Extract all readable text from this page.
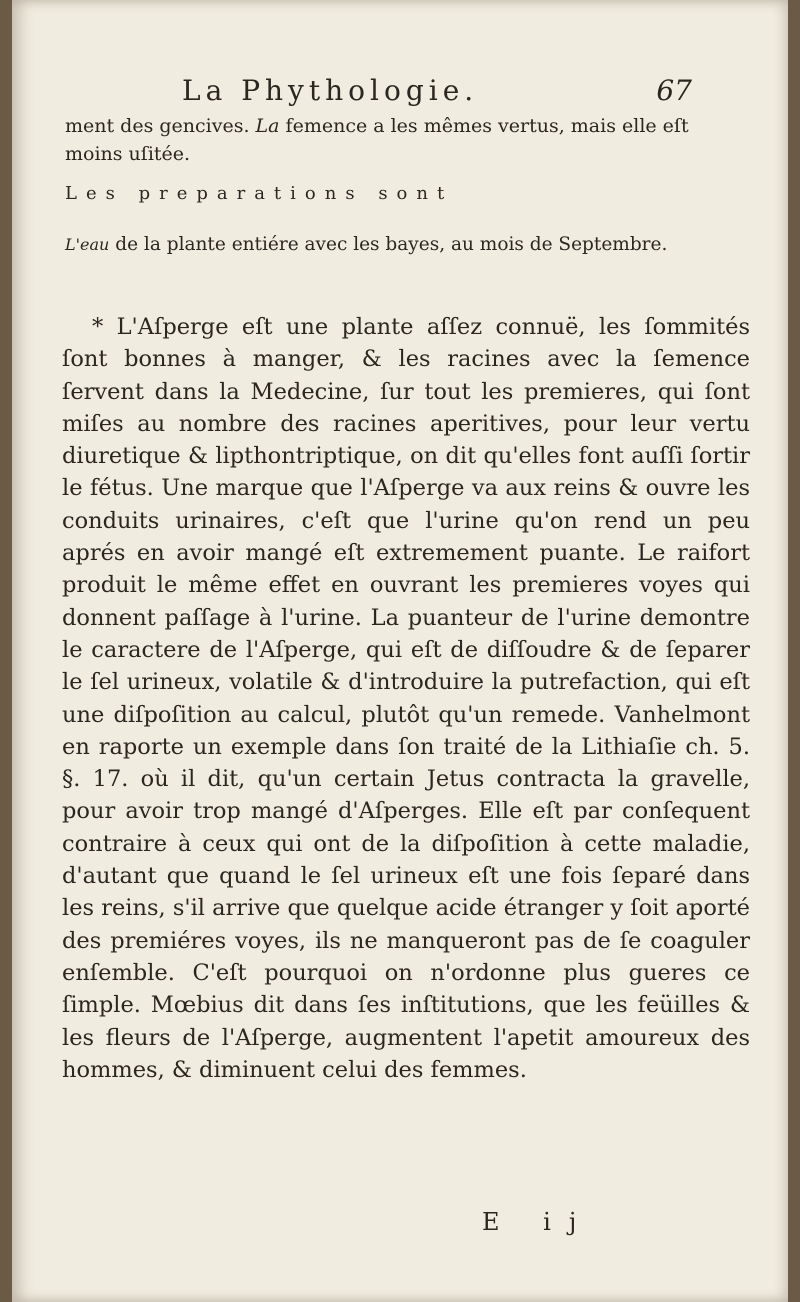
La Phythologie.	67
ment des gencives. La femence a les mêmes vertus, mais elle eſt moins uſitée.
Les preparations sont
L'eau de la plante entiére avec les bayes, au mois de Septembre.
* L'Aſperge eſt une plante aſſez connuë, les ſommités ſont bonnes à manger, & les racines avec la ſemence ſervent dans la Medecine, ſur tout les premieres, qui ſont miſes au nombre des racines aperitives, pour leur vertu diuretique & lipthontriptique, on dit qu'elles font auſſi ſortir le fétus. Une marque que l'Aſperge va aux reins & ouvre les conduits urinaires, c'eſt que l'urine qu'on rend un peu aprés en avoir mangé eſt extremement puante. Le raifort produit le même effet en ouvrant les premieres voyes qui donnent paſſage à l'urine. La puanteur de l'urine demontre le caractere de l'Aſperge, qui eſt de diſſoudre & de ſeparer le ſel urineux, volatile & d'introduire la putrefaction, qui eſt une diſpoſition au calcul, plutôt qu'un remede. Vanhelmont en raporte un exemple dans ſon traité de la Lithiaſie ch. 5. §. 17. où il dit, qu'un certain Jetus contracta la gravelle, pour avoir trop mangé d'Aſperges. Elle eſt par conſequent contraire à ceux qui ont de la diſpoſition à cette maladie, d'autant que quand le ſel urineux eſt une fois ſeparé dans les reins, s'il arrive que quelque acide étranger y ſoit aporté des premiéres voyes, ils ne manqueront pas de ſe coaguler enſemble. C'eſt pourquoi on n'ordonne plus gueres ce ſimple. Mœbius dit dans ſes inſtitutions, que les feüilles & les fleurs de l'Aſperge, augmentent l'apetit amoureux des hommes, & diminuent celui des femmes.
E ij
